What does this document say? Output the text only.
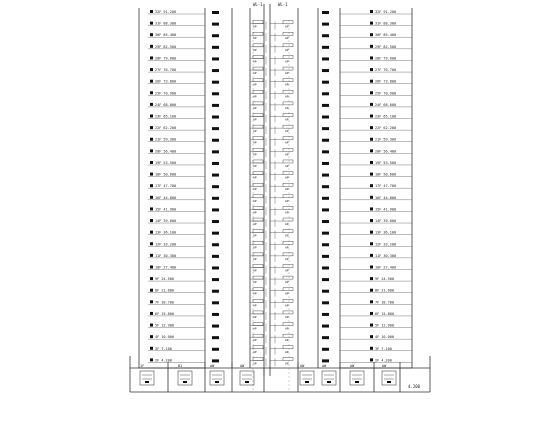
WL-1	WL-1
32F 91.200	32F 91.200
31F 88.300	31F 88.300
AP	AP
30F 85.400	30F 85.400
AP	AP
29F 82.500	29F 82.500
AP	AP
28F 79.600	28F 79.600
AP	AP
27F 76.700	27F 76.700
AP	AP
26F 73.800	26F 73.800
AP	AP
25F 70.900	25F 70.900
AP	AP
24F 68.000	24F 68.000
AP	AP
23F 65.100	23F 65.100
AP	AP
22F 62.200	22F 62.200
AP	AP
21F 59.300	21F 59.300
AP	AP
20F 56.400	20F 56.400
AP	AP
19F 53.500	19F 53.500
AP	AP
18F 50.600	18F 50.600
AP	AP
17F 47.700	17F 47.700
AP	AP
16F 44.800	16F 44.800
AP	AP
15F 41.900	15F 41.900
AP	AP
14F 39.000	14F 39.000
AP	AP
13F 36.100	13F 36.100
AP	AP
12F 33.200	12F 33.200
AP	AP
11F 30.300	11F 30.300
AP	AP
10F 27.400	10F 27.400
AP	AP
9F 24.500	9F 24.500
AP	AP
8F 21.600	8F 21.600
AP	AP
7F 18.700	7F 18.700
AP	AP
6F 15.800	6F 15.800
AP	AP
5F 12.900	5F 12.900
AP	AP
4F 10.000	4F 10.000
AP	AP
3F 7.100	3F 7.100
AP	AP
2F 4.200	2F 4.200
AP	AP
1F	B1	AW	AW	AW	AW	AW	AW
4.200
